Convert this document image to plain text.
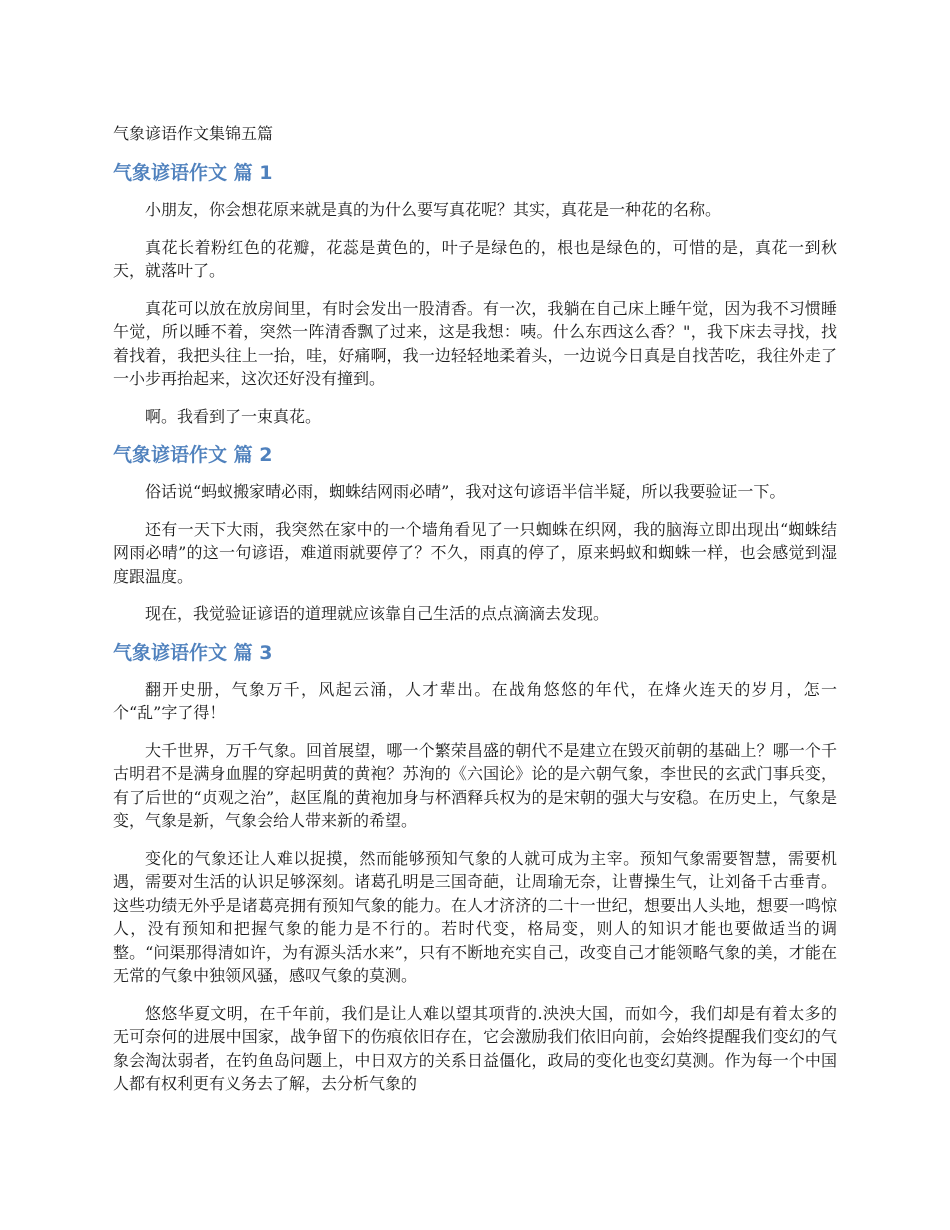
气象谚语作文集锦五篇
气象谚语作文 篇 1

小朋友，你会想花原来就是真的为什么要写真花呢？其实，真花是一种花的名称。

真花长着粉红色的花瓣，花蕊是黄色的，叶子是绿色的，根也是绿色的，可惜的是，真花一到秋天，就落叶了。

真花可以放在放房间里，有时会发出一股清香。有一次，我躺在自己床上睡午觉，因为我不习惯睡午觉，所以睡不着，突然一阵清香飘了过来，这是我想：咦。什么东西这么香？"，我下床去寻找，找着找着，我把头往上一抬，哇，好痛啊，我一边轻轻地柔着头，一边说今日真是自找苦吃，我往外走了一小步再抬起来，这次还好没有撞到。

啊。我看到了一束真花。

气象谚语作文 篇 2

俗话说“蚂蚁搬家晴必雨，蜘蛛结网雨必晴”，我对这句谚语半信半疑，所以我要验证一下。

还有一天下大雨，我突然在家中的一个墙角看见了一只蜘蛛在织网，我的脑海立即出现出“蜘蛛结网雨必晴”的这一句谚语，难道雨就要停了？不久，雨真的停了，原来蚂蚁和蜘蛛一样，也会感觉到湿度跟温度。

现在，我觉验证谚语的道理就应该靠自己生活的点点滴滴去发现。

气象谚语作文 篇 3

翻开史册，气象万千，风起云涌，人才辈出。在战角悠悠的年代，在烽火连天的岁月，怎一个“乱”字了得！

大千世界，万千气象。回首展望，哪一个繁荣昌盛的朝代不是建立在毁灭前朝的基础上？哪一个千古明君不是满身血腥的穿起明黄的黄袍？苏洵的《六国论》论的是六朝气象，李世民的玄武门事兵变，有了后世的“贞观之治”，赵匡胤的黄袍加身与杯酒释兵权为的是宋朝的强大与安稳。在历史上，气象是变，气象是新，气象会给人带来新的希望。

变化的气象还让人难以捉摸，然而能够预知气象的人就可成为主宰。预知气象需要智慧，需要机遇，需要对生活的认识足够深刻。诸葛孔明是三国奇葩，让周瑜无奈，让曹操生气，让刘备千古垂青。这些功绩无外乎是诸葛亮拥有预知气象的能力。在人才济济的二十一世纪，想要出人头地，想要一鸣惊人，没有预知和把握气象的能力是不行的。若时代变，格局变，则人的知识才能也要做适当的调整。“问渠那得清如许，为有源头活水来”，只有不断地充实自己，改变自己才能领略气象的美，才能在无常的气象中独领风骚，感叹气象的莫测。

悠悠华夏文明，在千年前，我们是让人难以望其项背的.泱泱大国，而如今，我们却是有着太多的无可奈何的进展中国家，战争留下的伤痕依旧存在，它会激励我们依旧向前，会始终提醒我们变幻的气象会淘汰弱者，在钓鱼岛问题上，中日双方的关系日益僵化，政局的变化也变幻莫测。作为每一个中国人都有权利更有义务去了解，去分析气象的
